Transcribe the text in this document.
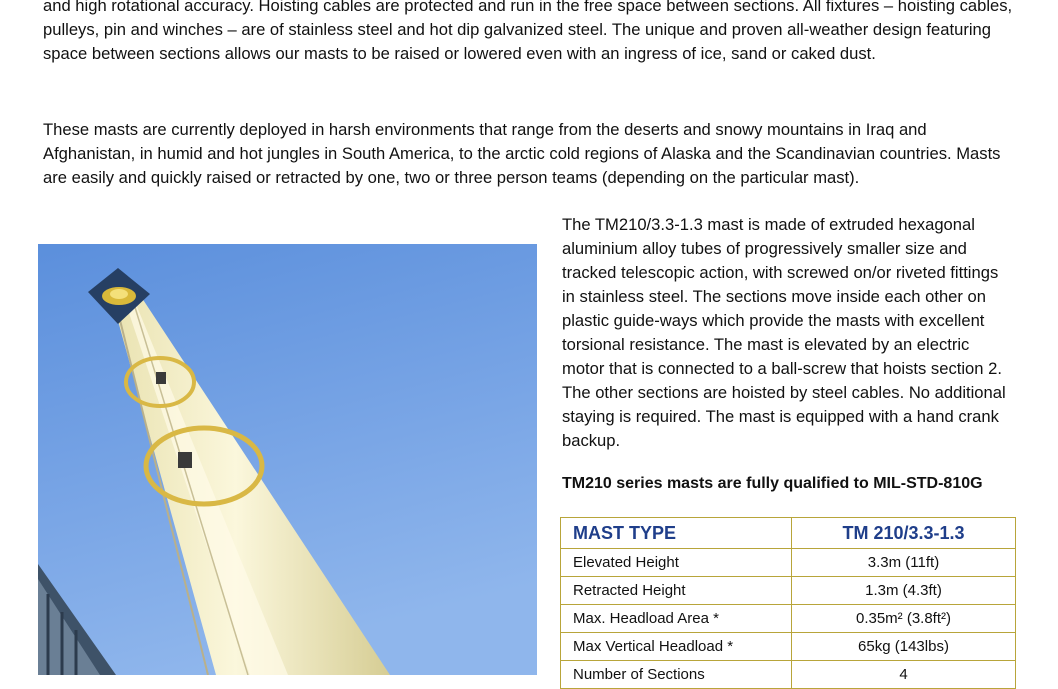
and high rotational accuracy. Hoisting cables are protected and run in the free space between sections. All fixtures – hoisting cables, pulleys, pin and winches – are of stainless steel and hot dip galvanized steel. The unique and proven all-weather design featuring space between sections allows our masts to be raised or lowered even with an ingress of ice, sand or caked dust.

These masts are currently deployed in harsh environments that range from the deserts and snowy mountains in Iraq and Afghanistan, in humid and hot jungles in South America, to the arctic cold regions of Alaska and the Scandinavian countries. Masts are easily and quickly raised or retracted by one, two or three person teams (depending on the particular mast).

The TM210/3.3-1.3 mast is made of extruded hexagonal aluminium alloy tubes of progressively smaller size and tracked telescopic action, with screwed on/or riveted fittings in stainless steel. The sections move inside each other on plastic guide-ways which provide the masts with excellent torsional resistance. The mast is elevated by an electric motor that is connected to a ball-screw that hoists section 2. The other sections are hoisted by steel cables. No additional staying is required. The mast is equipped with a hand crank backup.

TM210 series masts are fully qualified to MIL-STD-810G

MAST TYPE	TM 210/3.3-1.3
Elevated Height	3.3m (11ft)
Retracted Height	1.3m (4.3ft)
Max. Headload Area *	0.35m² (3.8ft²)
Max Vertical Headload *	65kg (143lbs)
Number of Sections	4
